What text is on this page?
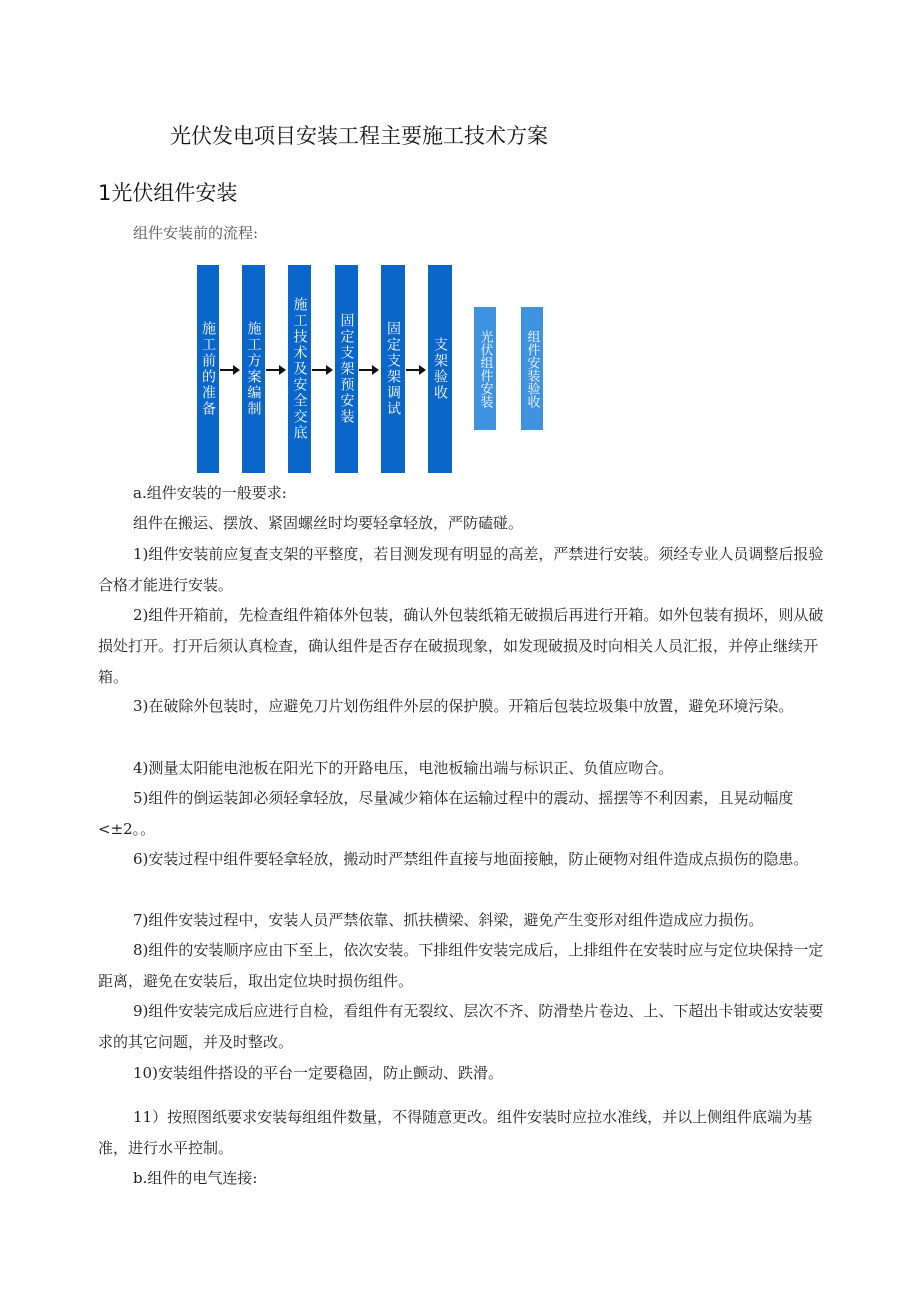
光伏发电项目安装工程主要施工技术方案
1光伏组件安装
组件安装前的流程:
施工前的准备 施工方案编制 施工技术及安全交底 固定支架预安装 固定支架调试 支架验收 光伏组件安装 组件安装验收

a.组件安装的一般要求:

组件在搬运、摆放、紧固螺丝时均要轻拿轻放，严防磕碰。

1)组件安装前应复查支架的平整度，若目测发现有明显的高差，严禁进行安装。须经专业人员调整后报验合格才能进行安装。

2)组件开箱前，先检查组件箱体外包装，确认外包装纸箱无破损后再进行开箱。如外包装有损坏，则从破损处打开。打开后须认真检查，确认组件是否存在破损现象，如发现破损及时向相关人员汇报，并停止继续开箱。

3)在破除外包装时，应避免刀片划伤组件外层的保护膜。开箱后包装垃圾集中放置，避免环境污染。

4)测量太阳能电池板在阳光下的开路电压，电池板输出端与标识正、负值应吻合。

5)组件的倒运装卸必须轻拿轻放，尽量减少箱体在运输过程中的震动、摇摆等不利因素，且晃动幅度<±2。。

6)安装过程中组件要轻拿轻放，搬动时严禁组件直接与地面接触，防止硬物对组件造成点损伤的隐患。

7)组件安装过程中，安装人员严禁依靠、抓扶横梁、斜梁，避免产生变形对组件造成应力损伤。

8)组件的安装顺序应由下至上，依次安装。下排组件安装完成后，上排组件在安装时应与定位块保持一定距离，避免在安装后，取出定位块时损伤组件。

9)组件安装完成后应进行自检，看组件有无裂纹、层次不齐、防滑垫片卷边、上、下超出卡钳或达安装要求的其它问题，并及时整改。

10)安装组件搭设的平台一定要稳固，防止颤动、跌滑。

11）按照图纸要求安装每组组件数量，不得随意更改。组件安装时应拉水准线，并以上侧组件底端为基准，进行水平控制。

b.组件的电气连接:
